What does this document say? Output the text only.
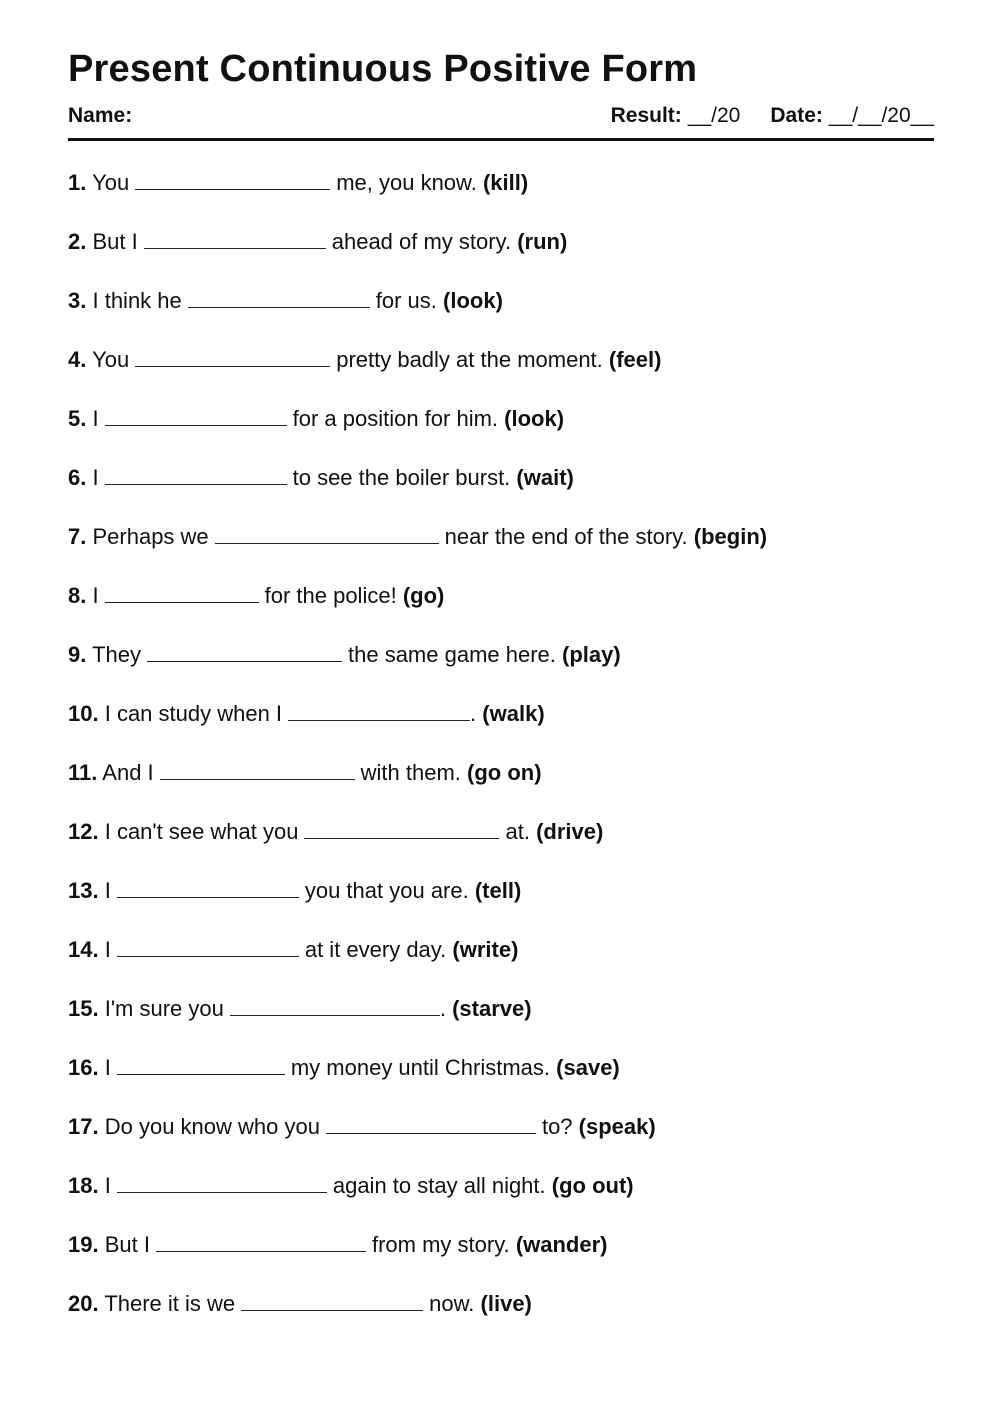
Present Continuous Positive Form
Name:	Result: __/20 Date: __/__/20__
1. You	me, you know. (kill)
2. But I	ahead of my story. (run)
3. I think he	for us. (look)
4. You	pretty badly at the moment. (feel)
5. I	for a position for him. (look)
6. I	to see the boiler burst. (wait)
7. Perhaps we	near the end of the story. (begin)
8. I	for the police! (go)
9. They	the same game here. (play)
10. I can study when I	. (walk)
11. And I	with them. (go on)
12. I can't see what you	at. (drive)
13. I	you that you are. (tell)
14. I	at it every day. (write)
15. I'm sure you	. (starve)
16. I	my money until Christmas. (save)
17. Do you know who you	to? (speak)
18. I	again to stay all night. (go out)
19. But I	from my story. (wander)
20. There it is we	now. (live)
